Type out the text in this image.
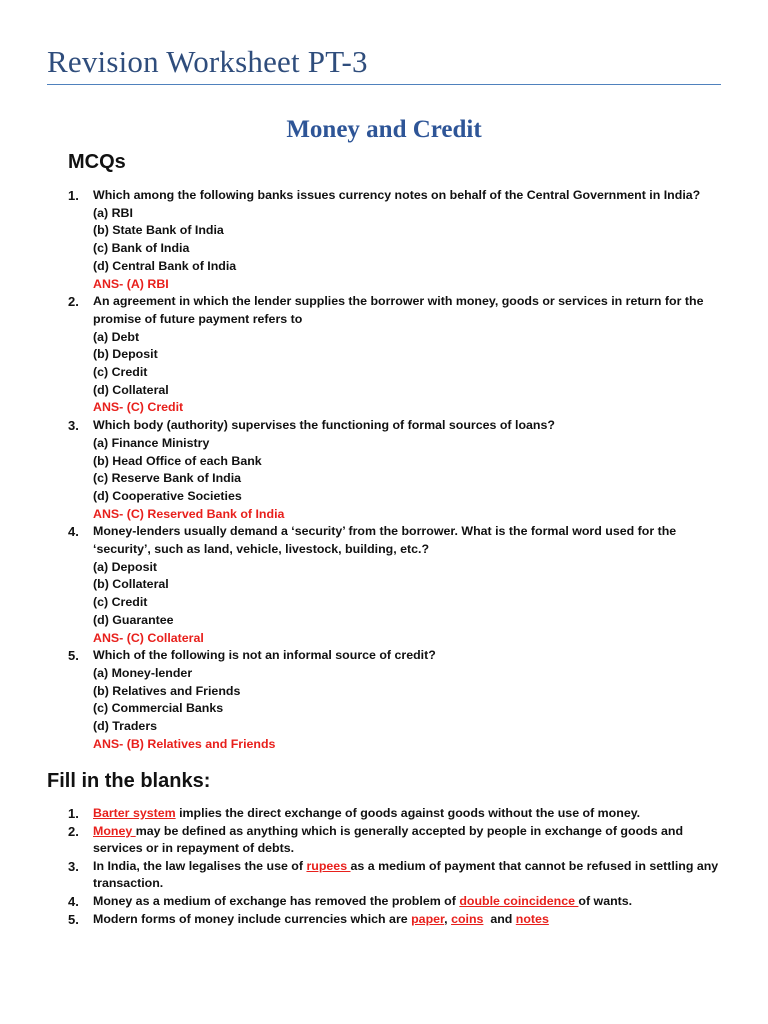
Revision Worksheet PT-3
Money and Credit
MCQs
1. Which among the following banks issues currency notes on behalf of the Central Government in India?
(a) RBI
(b) State Bank of India
(c) Bank of India
(d) Central Bank of India
ANS- (A) RBI
2. An agreement in which the lender supplies the borrower with money, goods or services in return for the promise of future payment refers to
(a) Debt
(b) Deposit
(c) Credit
(d) Collateral
ANS- (C) Credit
3. Which body (authority) supervises the functioning of formal sources of loans?
(a) Finance Ministry
(b) Head Office of each Bank
(c) Reserve Bank of India
(d) Cooperative Societies
ANS- (C) Reserved Bank of India
4. Money-lenders usually demand a ‘security’ from the borrower. What is the formal word used for the ‘security’, such as land, vehicle, livestock, building, etc.?
(a) Deposit
(b) Collateral
(c) Credit
(d) Guarantee
ANS- (C) Collateral
5. Which of the following is not an informal source of credit?
(a) Money-lender
(b) Relatives and Friends
(c) Commercial Banks
(d) Traders
ANS- (B) Relatives and Friends
Fill in the blanks:
1. Barter system implies the direct exchange of goods against goods without the use of money.
2. Money may be defined as anything which is generally accepted by people in exchange of goods and services or in repayment of debts.
3. In India, the law legalises the use of rupees as a medium of payment that cannot be refused in settling any transaction.
4. Money as a medium of exchange has removed the problem of double coincidence of wants.
5. Modern forms of money include currencies which are paper, coins  and notes
